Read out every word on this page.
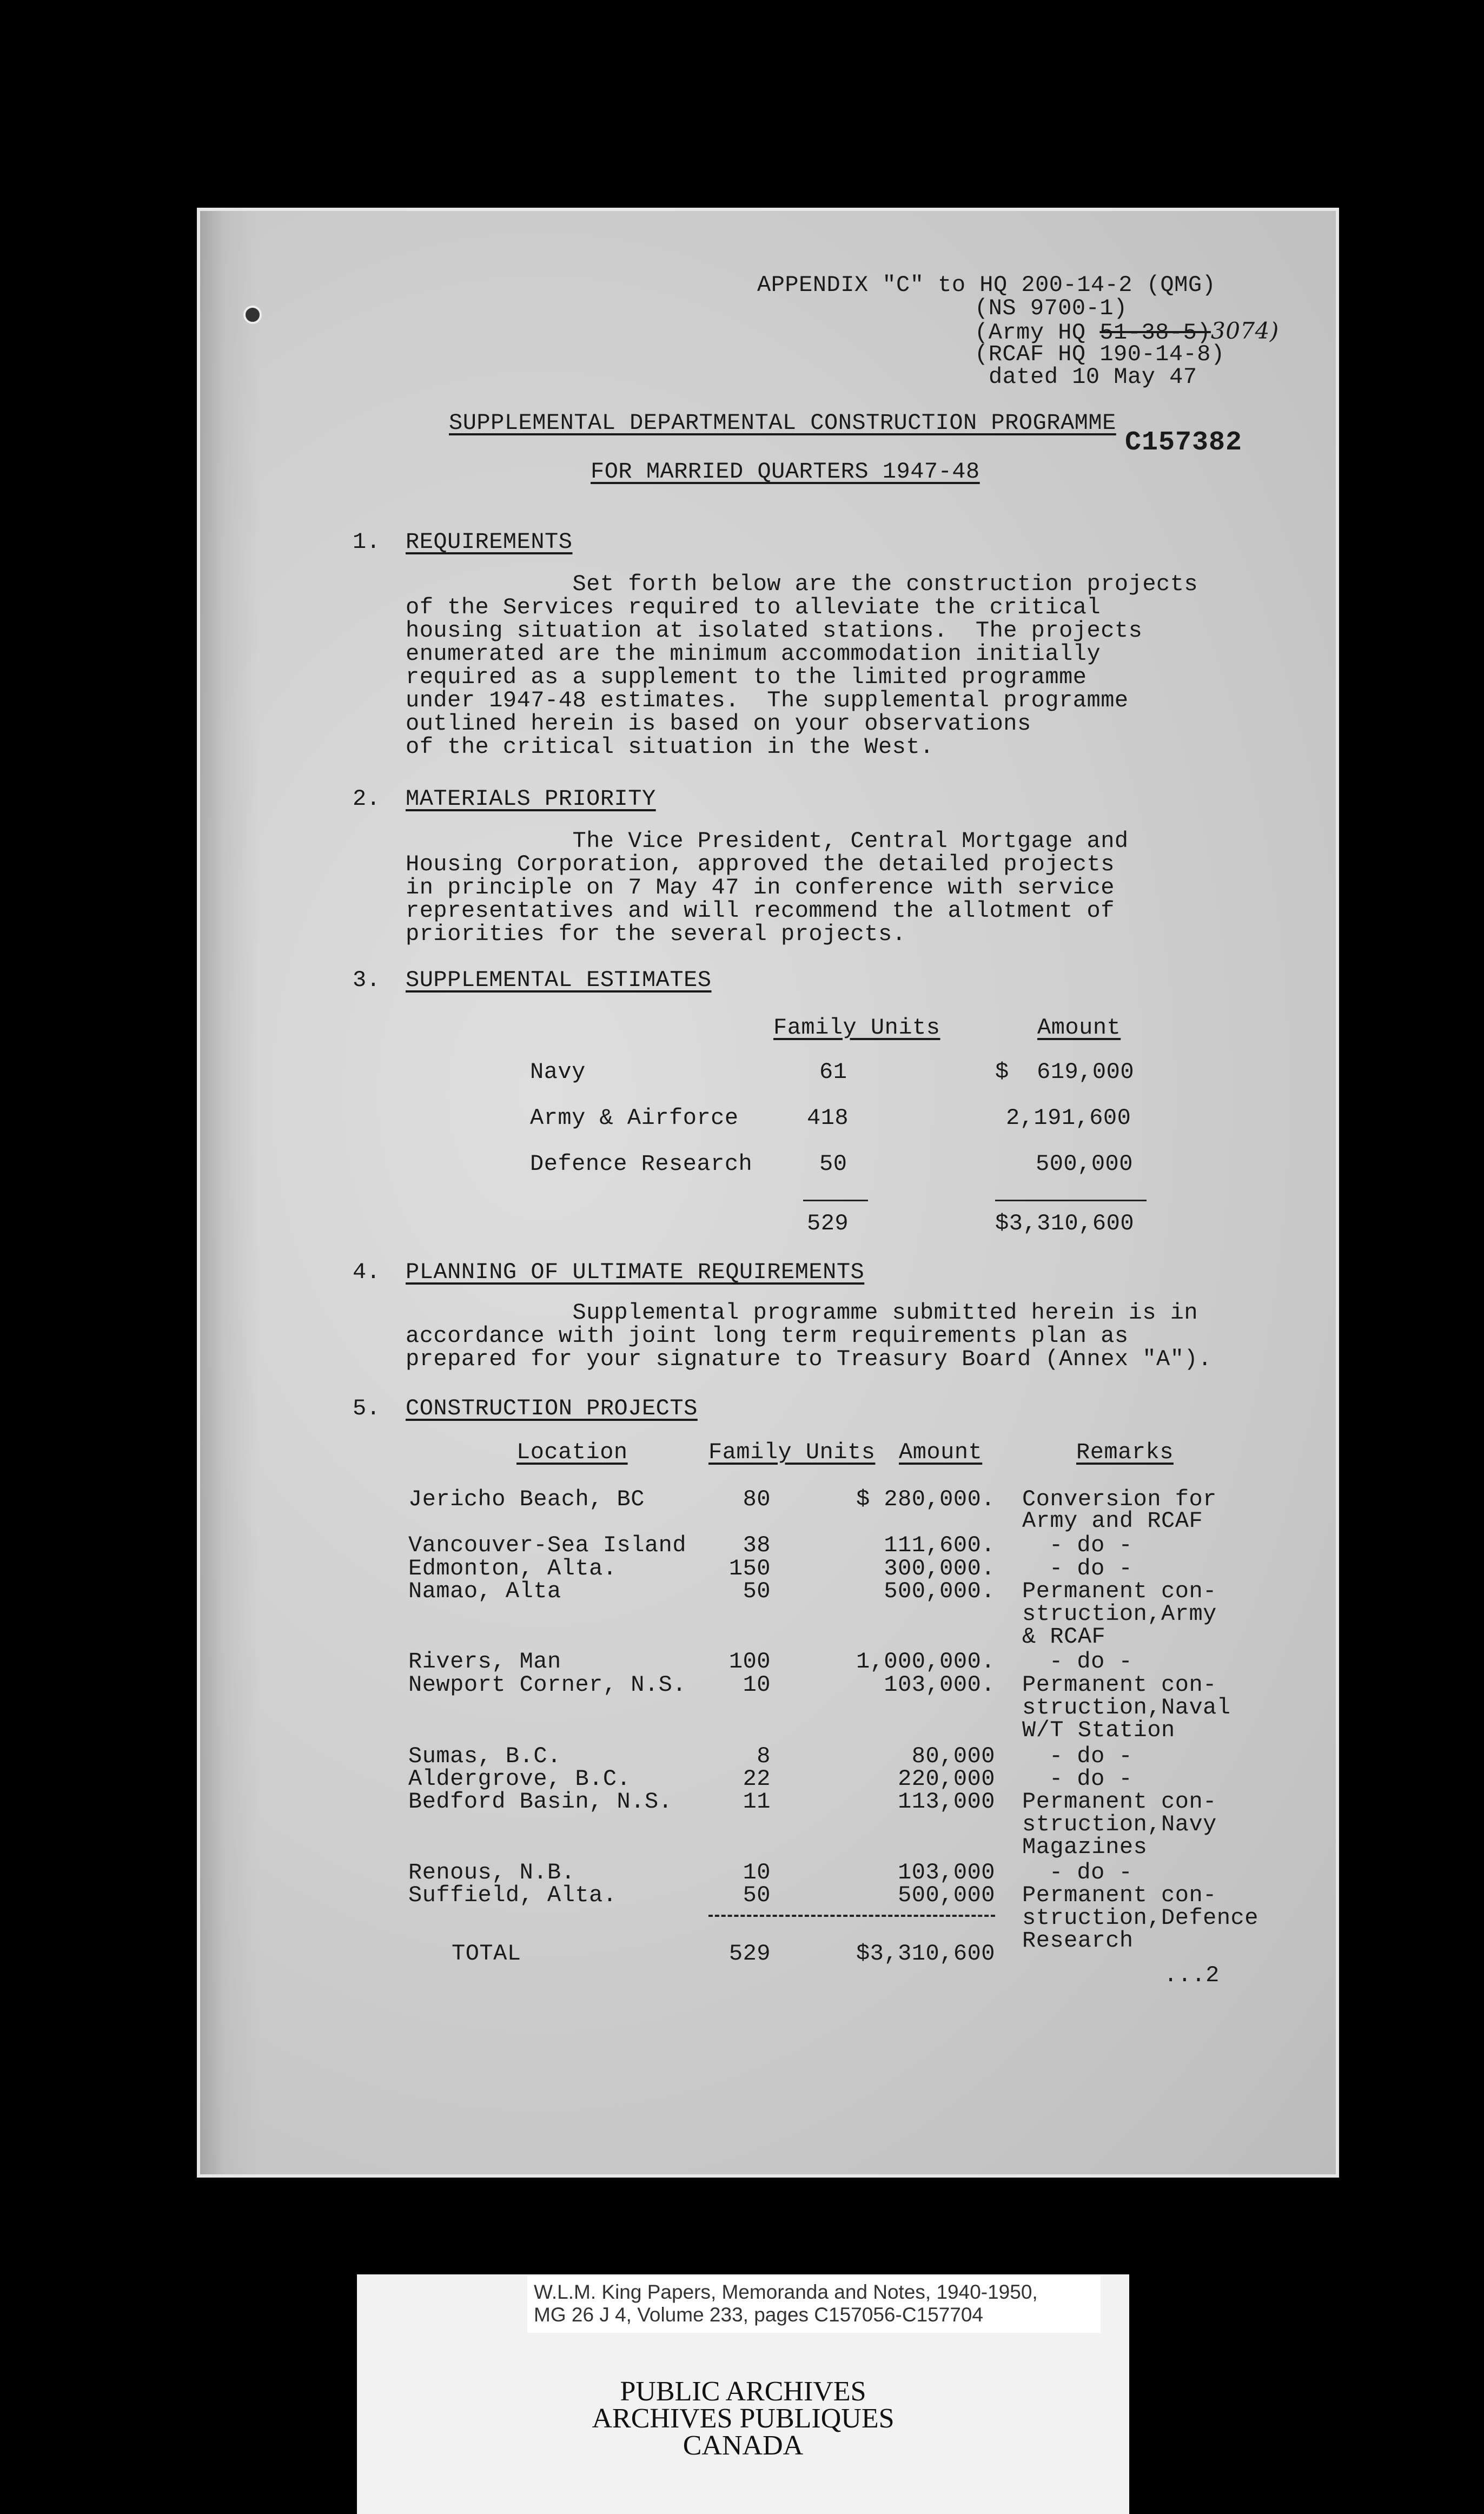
APPENDIX "C" to HQ 200-14-2 (QMG)
(NS 9700-1)
(Army HQ 51-38-5)3074)
(RCAF HQ 190-14-8)
dated 10 May 47
C157382
SUPPLEMENTAL DEPARTMENTAL CONSTRUCTION PROGRAMME
FOR MARRIED QUARTERS 1947-48
1. REQUIREMENTS
Set forth below are the construction projects
of the Services required to alleviate the critical
housing situation at isolated stations.  The projects
enumerated are the minimum accommodation initially
required as a supplement to the limited programme
under 1947-48 estimates.  The supplemental programme
outlined herein is based on your observations
of the critical situation in the West.
2. MATERIALS PRIORITY
The Vice President, Central Mortgage and
Housing Corporation, approved the detailed projects
in principle on 7 May 47 in conference with service
representatives and will recommend the allotment of
priorities for the several projects.
3. SUPPLEMENTAL ESTIMATES
Family Units	Amount
Navy	61	$  619,000
Army & Airforce	418	2,191,600
Defence Research	50	500,000
529	$3,310,600
4. PLANNING OF ULTIMATE REQUIREMENTS
Supplemental programme submitted herein is in
accordance with joint long term requirements plan as
prepared for your signature to Treasury Board (Annex "A").
5. CONSTRUCTION PROJECTS
Location	Family Units Amount	Remarks
Jericho Beach, BC	80	$ 280,000. Conversion for
Army and RCAF
Vancouver-Sea Island	38	111,600. - do -
Edmonton, Alta.	150	300,000. - do -
Namao, Alta	50	500,000. Permanent con-
struction,Army
& RCAF
Rivers, Man	100	1,000,000. - do -
Newport Corner, N.S.	10	103,000. Permanent con-
struction,Naval
W/T Station
Sumas, B.C.	8	80,000 - do -
Aldergrove, B.C.	22	220,000 - do -
Bedford Basin, N.S.	11	113,000 Permanent con-
struction,Navy
Magazines
Renous, N.B.	10	103,000 - do -
Suffield, Alta.	50	500,000 Permanent con-
struction,Defence
Research
TOTAL	529	$3,310,600
...2
PUBLIC ARCHIVES
ARCHIVES PUBLIQUES
CANADA
W.L.M. King Papers, Memoranda and Notes, 1940-1950,
MG 26 J 4, Volume 233, pages C157056-C157704
